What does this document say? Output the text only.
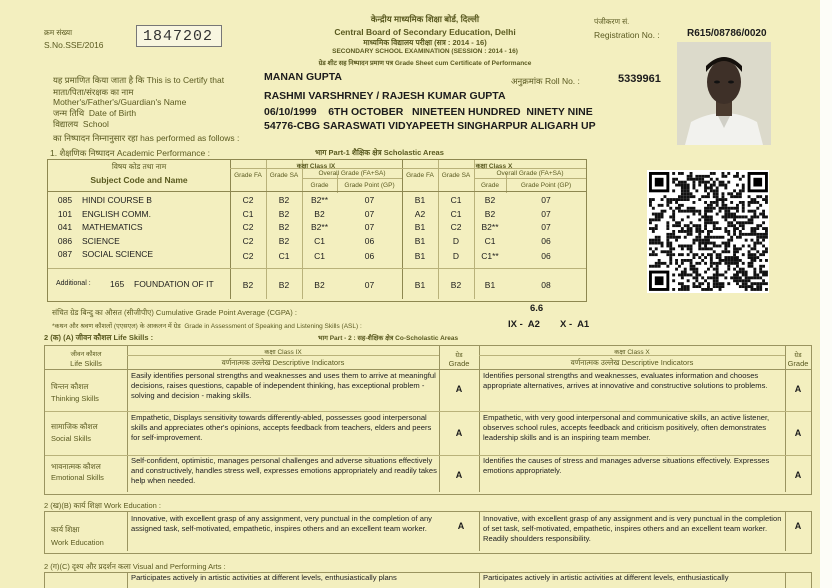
क्रम संख्या
S.No.SSE/2016	1847202
केन्द्रीय माध्यमिक शिक्षा बोर्ड, दिल्ली
Central Board of Secondary Education, Delhi
माध्यमिक विद्यालय परीक्षा (सत्र : 2014 - 16)
SECONDARY SCHOOL EXAMINATION (SESSION : 2014 - 16)
ग्रेड शीट सह निष्पादन प्रमाण पत्र Grade Sheet cum Certificate of Performance
पंजीकरण सं.
Registration No. :	R615/08786/0020
यह प्रमाणित किया जाता है कि This is to Certify that	MANAN GUPTA	अनुक्रमांक Roll No. :	5339961
माता/पिता/संरक्षक का नाम
Mother's/Father's/Guardian's Name	RASHMI VARSHRNEY / RAJESH KUMAR GUPTA
जन्म तिथि Date of Birth	06/10/1999    6TH OCTOBER   NINETEEN HUNDRED  NINETY NINE
विद्यालय School	54776-CBG SARASWATI VIDYAPEETH SINGHARPUR ALIGARH UP
का निष्पादन निम्नानुसार रहा has performed as follows :
1. शैक्षणिक निष्पादन Academic Performance :	भाग Part-1 शैक्षिक क्षेत्र Scholastic Areas
विषय कोड तथा नाम
Subject Code and Name
कक्षा Class IX	कक्षा Class X
Grade FA	Grade SA	Overall Grade (FA+SA)
Grade	Grade Point (GP)
Grade FA	Grade SA	Overall Grade (FA+SA)
Grade	Grade Point (GP)
085	HINDI COURSE B	C2	B2	B2**	07	B1	C1	B2	07
101	ENGLISH COMM.	C1	B2	B2	07	A2	C1	B2	07
041	MATHEMATICS	C2	B2	B2**	07	B1	C2	B2**	07
086	SCIENCE	C2	B2	C1	06	B1	D	C1	06
087	SOCIAL SCIENCE	C2	C1	C1	06	B1	D	C1**	06
Additional : 165 FOUNDATION OF IT	B2	B2	B2	07	B1	B2	B1	08
संचित ग्रेड बिन्दु का औसत (सीजीपीए) Cumulative Grade Point Average (CGPA) :	6.6
*कथन और श्रवण कौशलों (एएसएल) के आकलन में ग्रेड Grade in Assessment of Speaking and Listening Skills (ASL) :	IX -  A2 X -  A1
2 (क) (A) जीवन कौशल Life Skills :	भाग Part - 2 : सह-शैक्षिक क्षेत्र Co-Scholastic Areas
जीवन कौशल
Life Skills
कक्षा Class IX
वर्णनात्मक उल्लेख Descriptive Indicators
ग्रेड
Grade
कक्षा Class X
वर्णनात्मक उल्लेख Descriptive Indicators
ग्रेड
Grade
चिन्तन कौशल
Thinking Skills
Easily identifies personal strengths and weaknesses and uses them to arrive at meaningful decisions, raises questions, capable of independent thinking, has exceptional problem - solving and decision - making skills.
A
Identifies personal strengths and weaknesses, evaluates information and chooses appropriate alternatives, arrives at innovative and constructive solutions to problems.	A
सामाजिक कौशल
Social Skills
Empathetic, Displays sensitivity towards differently-abled, possesses good interpersonal skills and appreciates other's opinions, accepts feedback from teachers, elders and peers for self-improvement.	A
Empathetic, with very good interpersonal and communicative skills, an active listener, observes school rules, accepts feedback and criticism positively, often demonstrates leadership skills and is an inspiring team member.	A
भावनात्मक कौशल
Emotional Skills
Self-confident, optimistic, manages personal challenges and adverse situations effectively and constructively, handles stress well, expresses emotions appropriately and readily takes help when needed.
A
Identifies the causes of stress and manages adverse situations effectively. Expresses emotions appropriately.	A
2 (ख)(B) कार्य शिक्षा Work Education :
कार्य शिक्षा
Work Education
Innovative, with excellent grasp of any assignment, very punctual in the completion of any assigned task, self-motivated, empathetic, inspires others and an excellent team worker.	A
Innovative, with excellent grasp of any assignment and is very punctual in the completion of set task, self-motivated, empathetic, inspires others and an excellent team worker. Readily shoulders responsibility.
A
2 (ग)(C) दृश्य और प्रदर्शन कला Visual and Performing Arts :
Participates actively in artistic activities at different levels, enthusiastically plans	Participates actively in artistic activities at different levels, enthusiastically
